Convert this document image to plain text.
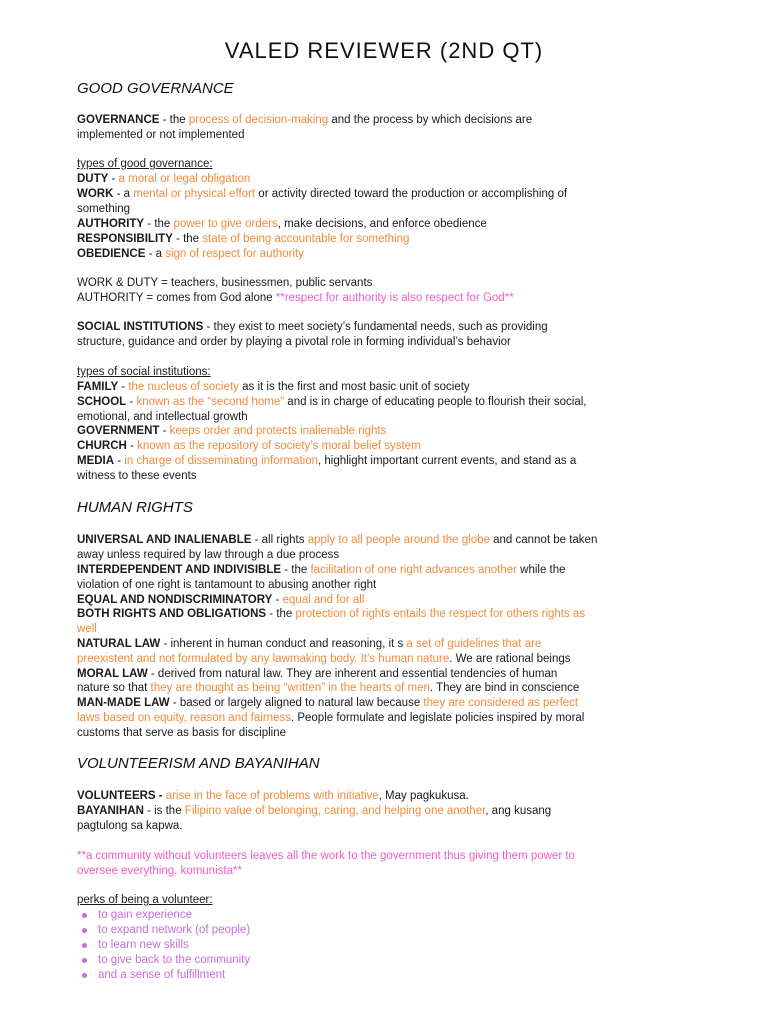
VALED REVIEWER (2ND QT)
GOOD GOVERNANCE
HUMAN RIGHTS
VOLUNTEERISM AND BAYANIHAN
GOVERNANCE - the process of decision-making and the process by which decisions are
implemented or not implemented
types of good governance:
DUTY - a moral or legal obligation
WORK - a mental or physical effort or activity directed toward the production or accomplishing of
something
AUTHORITY - the power to give orders, make decisions, and enforce obedience
RESPONSIBILITY - the state of being accountable for something
OBEDIENCE - a sign of respect for authority
WORK & DUTY = teachers, businessmen, public servants
AUTHORITY = comes from God alone **respect for authority is also respect for God**
SOCIAL INSTITUTIONS - they exist to meet society’s fundamental needs, such as providing
structure, guidance and order by playing a pivotal role in forming individual’s behavior
types of social institutions:
FAMILY - the nucleus of society as it is the first and most basic unit of society
SCHOOL - known as the “second home” and is in charge of educating people to flourish their social,
emotional, and intellectual growth
GOVERNMENT - keeps order and protects inalienable rights
CHURCH - known as the repository of society’s moral belief system
MEDIA - in charge of disseminating information, highlight important current events, and stand as a
witness to these events
UNIVERSAL AND INALIENABLE - all rights apply to all people around the globe and cannot be taken
away unless required by law through a due process
INTERDEPENDENT AND INDIVISIBLE - the facilitation of one right advances another while the
violation of one right is tantamount to abusing another right
EQUAL AND NONDISCRIMINATORY - equal and for all
BOTH RIGHTS AND OBLIGATIONS - the protection of rights entails the respect for others rights as
well
NATURAL LAW - inherent in human conduct and reasoning, it s a set of guidelines that are
preexistent and not formulated by any lawmaking body. It’s human nature. We are rational beings
MORAL LAW - derived from natural law. They are inherent and essential tendencies of human
nature so that they are thought as being “written” in the hearts of men. They are bind in conscience
MAN-MADE LAW - based or largely aligned to natural law because they are considered as perfect
laws based on equity, reason and fairness. People formulate and legislate policies inspired by moral
customs that serve as basis for discipline
VOLUNTEERS - arise in the face of problems with initiative, May pagkukusa.
BAYANIHAN - is the Filipino value of belonging, caring, and helping one another, ang kusang
pagtulong sa kapwa.
**a community without volunteers leaves all the work to the government thus giving them power to
oversee everything, komunista**
perks of being a volunteer:
to gain experience
to expand network (of people)
to learn new skills
to give back to the community
and a sense of fulfillment
